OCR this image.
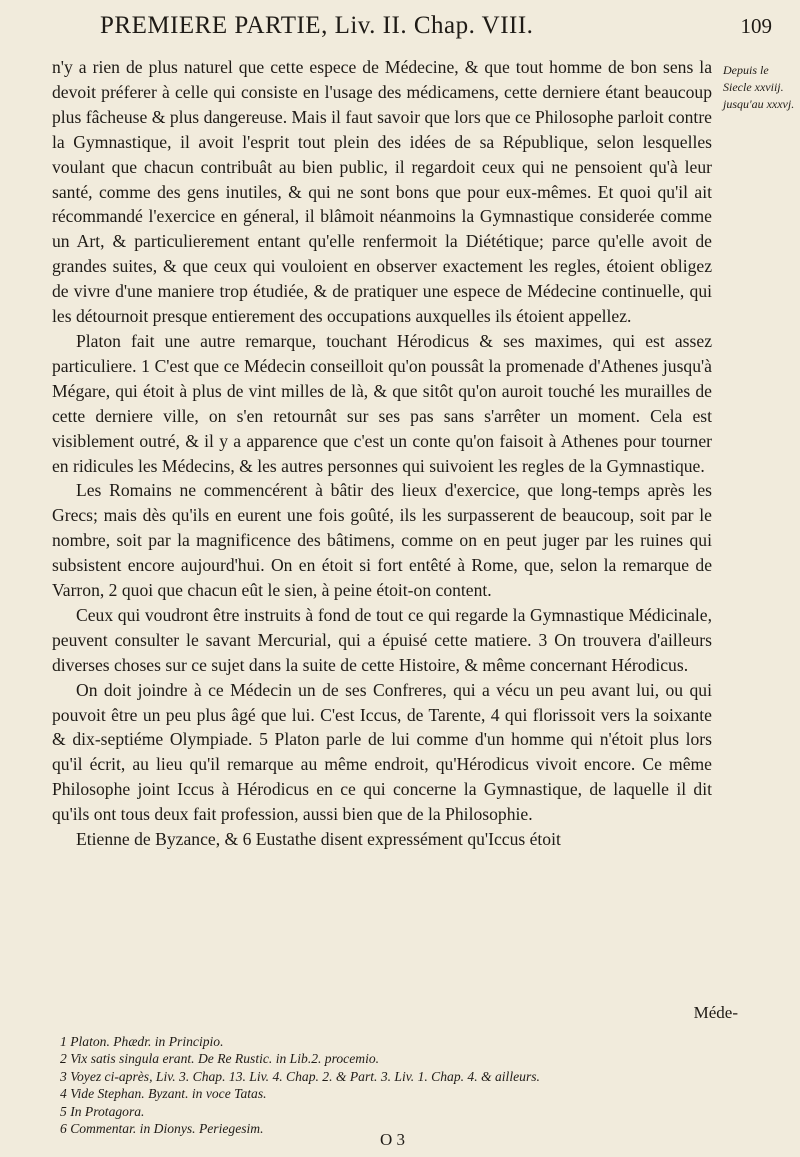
PREMIERE PARTIE, Liv. II. Chap. VIII.	109
Depuis le Siecle xxviij. jusqu'au xxxvj.

n'y a rien de plus naturel que cette espece de Médecine, & que tout homme de bon sens la devoit préferer à celle qui consiste en l'usage des médicamens, cette derniere étant beaucoup plus fâcheuse & plus dangereuse. Mais il faut savoir que lors que ce Philosophe parloit contre la Gymnastique, il avoit l'esprit tout plein des idées de sa République, selon lesquelles voulant que chacun contribuât au bien public, il regardoit ceux qui ne pensoient qu'à leur santé, comme des gens inutiles, & qui ne sont bons que pour eux-mêmes. Et quoi qu'il ait récommandé l'exercice en géneral, il blâmoit néanmoins la Gymnastique considerée comme un Art, & particulierement entant qu'elle renfermoit la Diététique; parce qu'elle avoit de grandes suites, & que ceux qui vouloient en observer exactement les regles, étoient obligez de vivre d'une maniere trop étudiée, & de pratiquer une espece de Médecine continuelle, qui les détournoit presque entierement des occupations auxquelles ils étoient appellez.

Platon fait une autre remarque, touchant Hérodicus & ses maximes, qui est assez particuliere. 1 C'est que ce Médecin conseilloit qu'on poussât la promenade d'Athenes jusqu'à Mégare, qui étoit à plus de vint milles de là, & que sitôt qu'on auroit touché les murailles de cette derniere ville, on s'en retournât sur ses pas sans s'arrêter un moment. Cela est visiblement outré, & il y a apparence que c'est un conte qu'on faisoit à Athenes pour tourner en ridicules les Médecins, & les autres personnes qui suivoient les regles de la Gymnastique.

Les Romains ne commencérent à bâtir des lieux d'exercice, que long-temps après les Grecs; mais dès qu'ils en eurent une fois goûté, ils les surpasserent de beaucoup, soit par le nombre, soit par la magnificence des bâtimens, comme on en peut juger par les ruines qui subsistent encore aujourd'hui. On en étoit si fort entêté à Rome, que, selon la remarque de Varron, 2 quoi que chacun eût le sien, à peine étoit-on content.

Ceux qui voudront être instruits à fond de tout ce qui regarde la Gymnastique Médicinale, peuvent consulter le savant Mercurial, qui a épuisé cette matiere. 3 On trouvera d'ailleurs diverses choses sur ce sujet dans la suite de cette Histoire, & même concernant Hérodicus.

On doit joindre à ce Médecin un de ses Confreres, qui a vécu un peu avant lui, ou qui pouvoit être un peu plus âgé que lui. C'est Iccus, de Tarente, 4 qui florissoit vers la soixante & dix-septiéme Olympiade. 5 Platon parle de lui comme d'un homme qui n'étoit plus lors qu'il écrit, au lieu qu'il remarque au même endroit, qu'Hérodicus vivoit encore. Ce même Philosophe joint Iccus à Hérodicus en ce qui concerne la Gymnastique, de laquelle il dit qu'ils ont tous deux fait profession, aussi bien que de la Philosophie.

Etienne de Byzance, & 6 Eustathe disent expressément qu'Iccus étoit

Méde-
1 Platon. Phædr. in Principio.
2 Vix satis singula erant. De Re Rustic. in Lib.2. procemio.
3 Voyez ci-après, Liv. 3. Chap. 13. Liv. 4. Chap. 2. & Part. 3. Liv. 1. Chap. 4. & ailleurs.
4 Vide Stephan. Byzant. in voce Tatas.
5 In Protagora.
6 Commentar. in Dionys. Periegesim.
O 3
